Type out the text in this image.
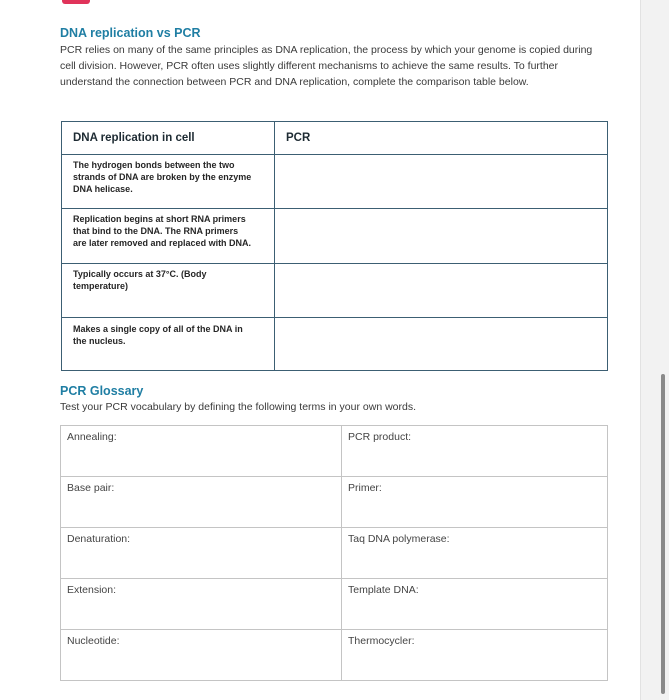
DNA replication vs PCR

PCR relies on many of the same principles as DNA replication, the process by which your genome is copied during cell division. However, PCR often uses slightly different mechanisms to achieve the same results. To further understand the connection between PCR and DNA replication, complete the comparison table below.

DNA replication in cell	PCR

The hydrogen bonds between the two strands of DNA are broken by the enzyme DNA helicase.	

Replication begins at short RNA primers that bind to the DNA. The RNA primers are later removed and replaced with DNA.	

Typically occurs at 37°C. (Body temperature)	

Makes a single copy of all of the DNA in the nucleus.	

PCR Glossary

Test your PCR vocabulary by defining the following terms in your own words.

Annealing:	PCR product:
Base pair:	Primer:
Denaturation:	Taq DNA polymerase:
Extension:	Template DNA:
Nucleotide:	Thermocycler:
